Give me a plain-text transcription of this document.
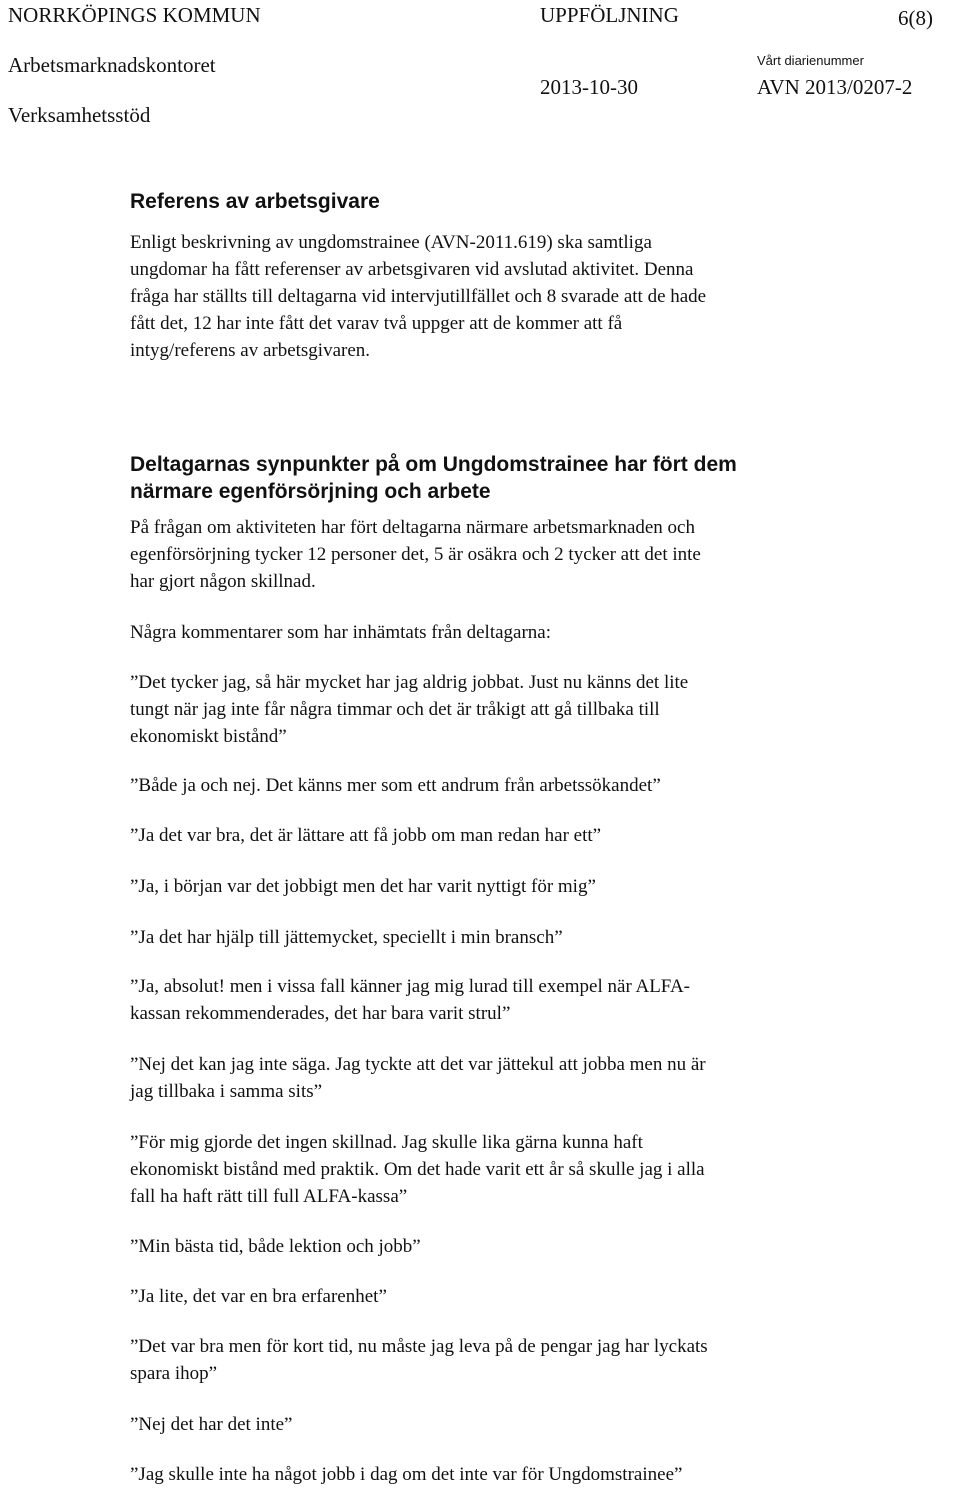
NORRKÖPINGS KOMMUN	UPPFÖLJNING	6(8)
Arbetsmarknadskontoret	Vårt diarienummer
2013-10-30	AVN 2013/0207-2
Verksamhetsstöd
Referens av arbetsgivare
Enligt beskrivning av ungdomstrainee (AVN-2011.619) ska samtliga
ungdomar ha fått referenser av arbetsgivaren vid avslutad aktivitet. Denna
fråga har ställts till deltagarna vid intervjutillfället och 8 svarade att de hade
fått det, 12 har inte fått det varav två uppger att de kommer att få
intyg/referens av arbetsgivaren.
Deltagarnas synpunkter på om Ungdomstrainee har fört dem
närmare egenförsörjning och arbete
På frågan om aktiviteten har fört deltagarna närmare arbetsmarknaden och
egenförsörjning tycker 12 personer det, 5 är osäkra och 2 tycker att det inte
har gjort någon skillnad.
Några kommentarer som har inhämtats från deltagarna:
”Det tycker jag, så här mycket har jag aldrig jobbat. Just nu känns det lite
tungt när jag inte får några timmar och det är tråkigt att gå tillbaka till
ekonomiskt bistånd”
”Både ja och nej. Det känns mer som ett andrum från arbetssökandet”
”Ja det var bra, det är lättare att få jobb om man redan har ett”
”Ja, i början var det jobbigt men det har varit nyttigt för mig”
”Ja det har hjälp till jättemycket, speciellt i min bransch”
”Ja, absolut! men i vissa fall känner jag mig lurad till exempel när ALFA-
kassan rekommenderades, det har bara varit strul”
”Nej det kan jag inte säga. Jag tyckte att det var jättekul att jobba men nu är
jag tillbaka i samma sits”
”För mig gjorde det ingen skillnad. Jag skulle lika gärna kunna haft
ekonomiskt bistånd med praktik. Om det hade varit ett år så skulle jag i alla
fall ha haft rätt till full ALFA-kassa”
”Min bästa tid, både lektion och jobb”
”Ja lite, det var en bra erfarenhet”
”Det var bra men för kort tid, nu måste jag leva på de pengar jag har lyckats
spara ihop”
”Nej det har det inte”
”Jag skulle inte ha något jobb i dag om det inte var för Ungdomstrainee”
